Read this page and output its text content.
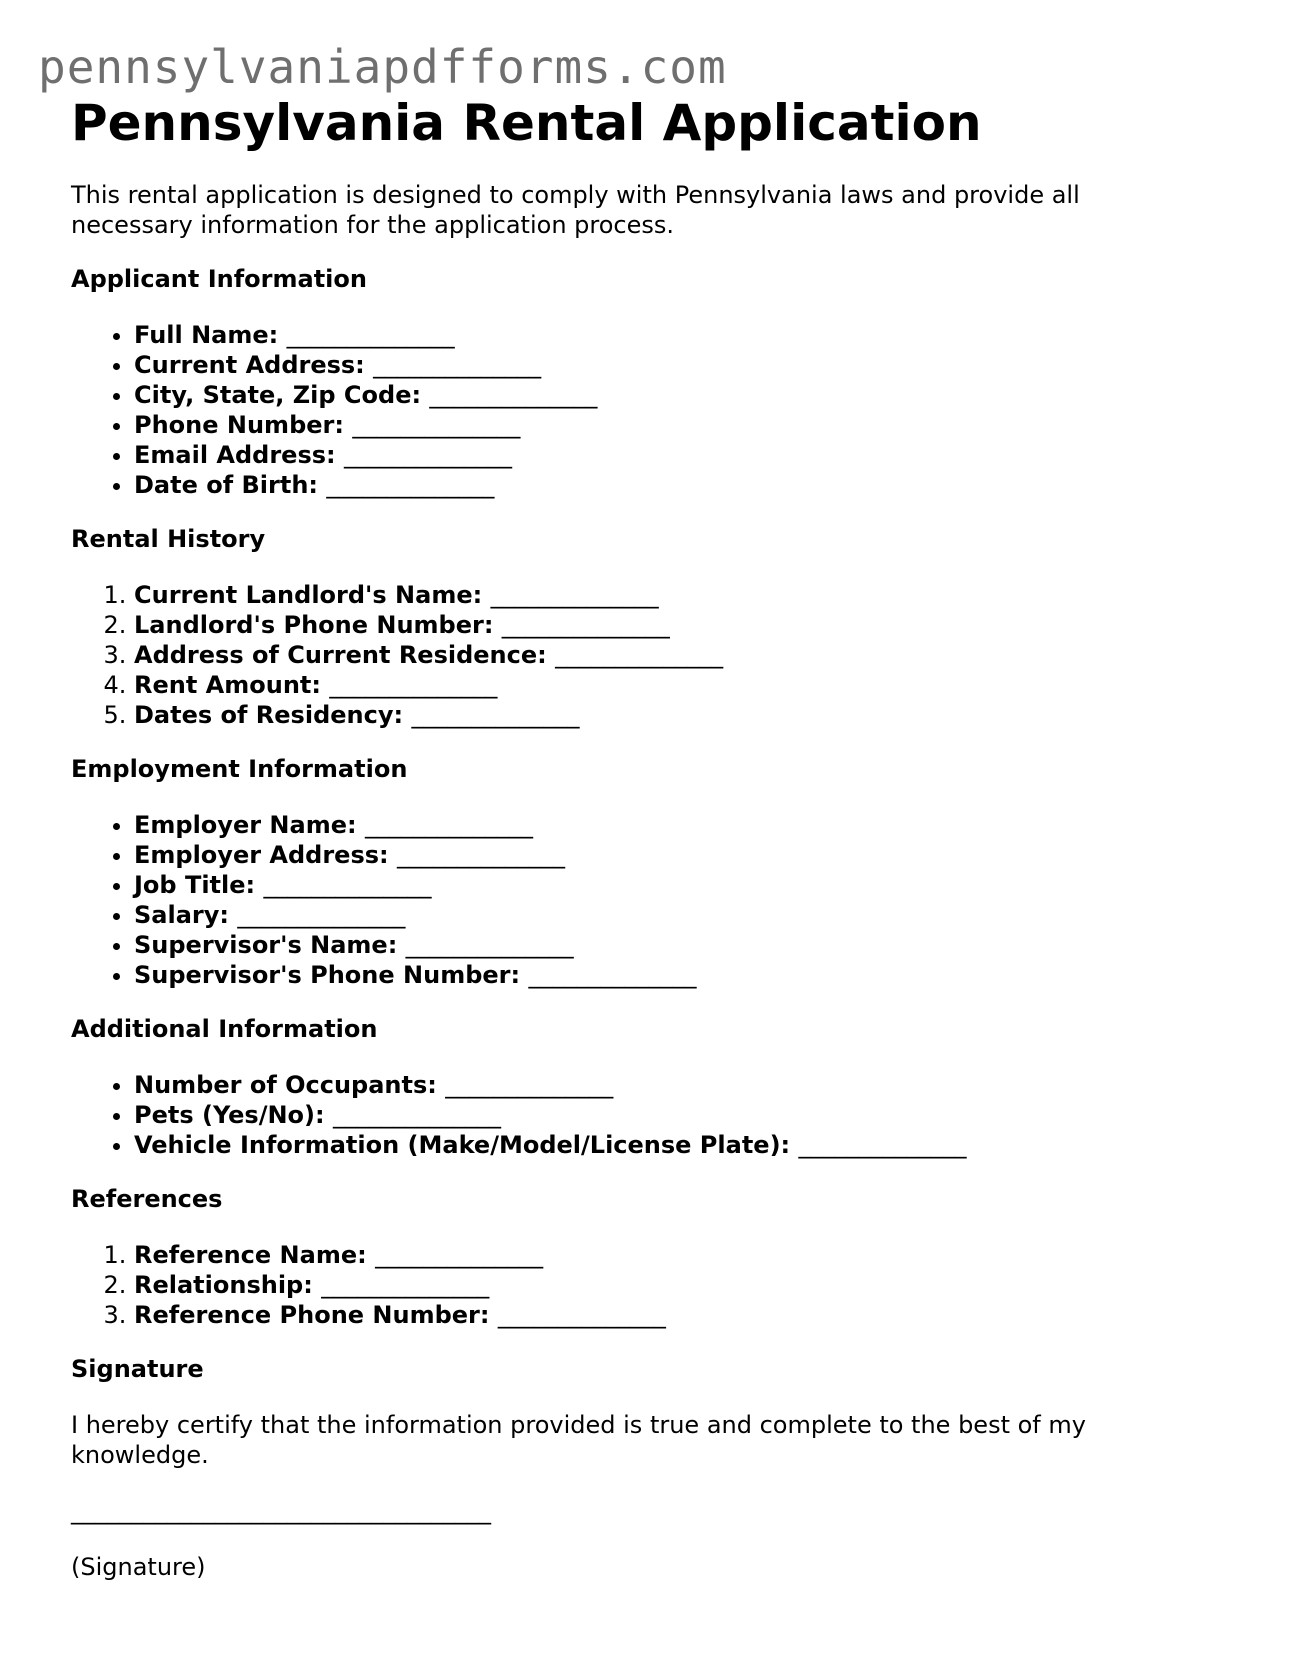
pennsylvaniapdfforms.com
Pennsylvania Rental Application

This rental application is designed to comply with Pennsylvania laws and provide all necessary information for the application process.

Applicant Information
• Full Name: ______________
• Current Address: ______________
• City, State, Zip Code: ______________
• Phone Number: ______________
• Email Address: ______________
• Date of Birth: ______________
Rental History
1. Current Landlord's Name: ______________
2. Landlord's Phone Number: ______________
3. Address of Current Residence: ______________
4. Rent Amount: ______________
5. Dates of Residency: ______________
Employment Information
• Employer Name: ______________
• Employer Address: ______________
• Job Title: ______________
• Salary: ______________
• Supervisor's Name: ______________
• Supervisor's Phone Number: ______________
Additional Information
• Number of Occupants: ______________
• Pets (Yes/No): ______________
• Vehicle Information (Make/Model/License Plate): ______________
References
1. Reference Name: ______________
2. Relationship: ______________
3. Reference Phone Number: ______________
Signature

I hereby certify that the information provided is true and complete to the best of my knowledge.

___________________________________

(Signature)
